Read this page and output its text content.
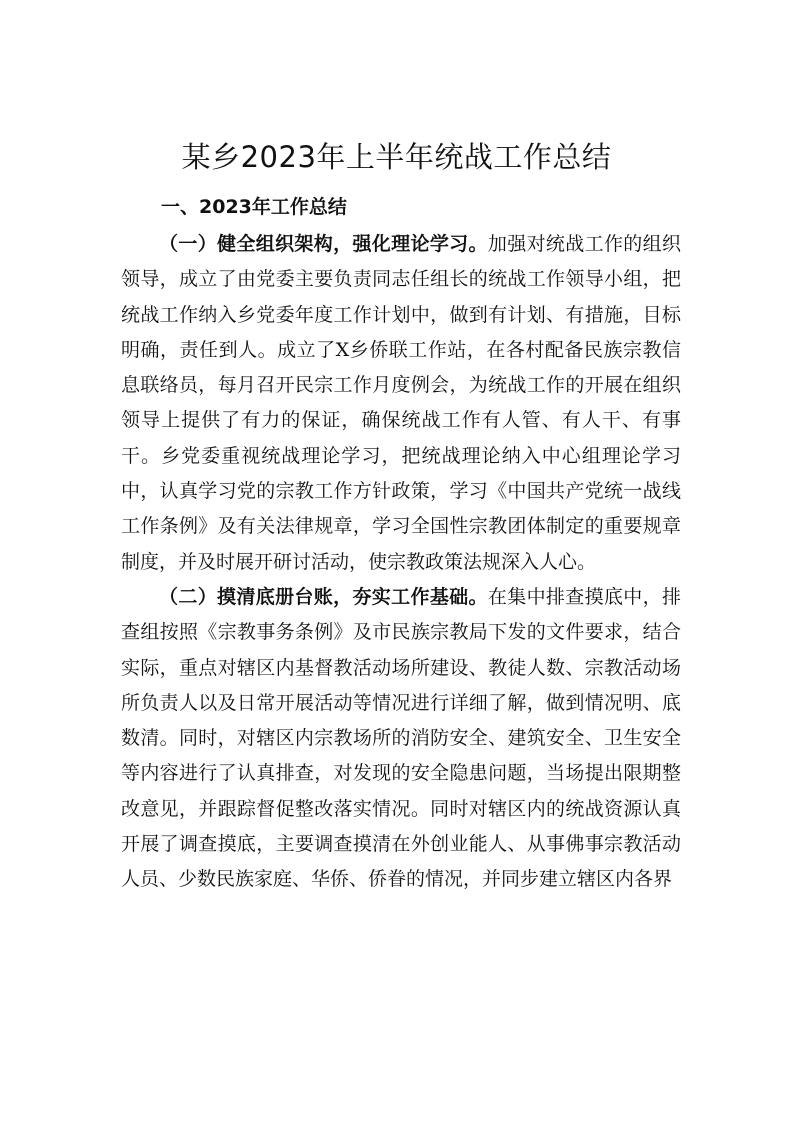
某乡2023年上半年统战工作总结
一、2023年工作总结

（一）健全组织架构，强化理论学习。加强对统战工作的组织领导，成立了由党委主要负责同志任组长的统战工作领导小组，把统战工作纳入乡党委年度工作计划中，做到有计划、有措施，目标明确，责任到人。成立了X乡侨联工作站，在各村配备民族宗教信息联络员，每月召开民宗工作月度例会，为统战工作的开展在组织领导上提供了有力的保证，确保统战工作有人管、有人干、有事干。乡党委重视统战理论学习，把统战理论纳入中心组理论学习中，认真学习党的宗教工作方针政策，学习《中国共产党统一战线工作条例》及有关法律规章，学习全国性宗教团体制定的重要规章制度，并及时展开研讨活动，使宗教政策法规深入人心。

（二）摸清底册台账，夯实工作基础。在集中排查摸底中，排查组按照《宗教事务条例》及市民族宗教局下发的文件要求，结合实际，重点对辖区内基督教活动场所建设、教徒人数、宗教活动场所负责人以及日常开展活动等情况进行详细了解，做到情况明、底数清。同时，对辖区内宗教场所的消防安全、建筑安全、卫生安全等内容进行了认真排查，对发现的安全隐患问题，当场提出限期整改意见，并跟踪督促整改落实情况。同时对辖区内的统战资源认真开展了调查摸底，主要调查摸清在外创业能人、从事佛事宗教活动人员、少数民族家庭、华侨、侨眷的情况，并同步建立辖区内各界
